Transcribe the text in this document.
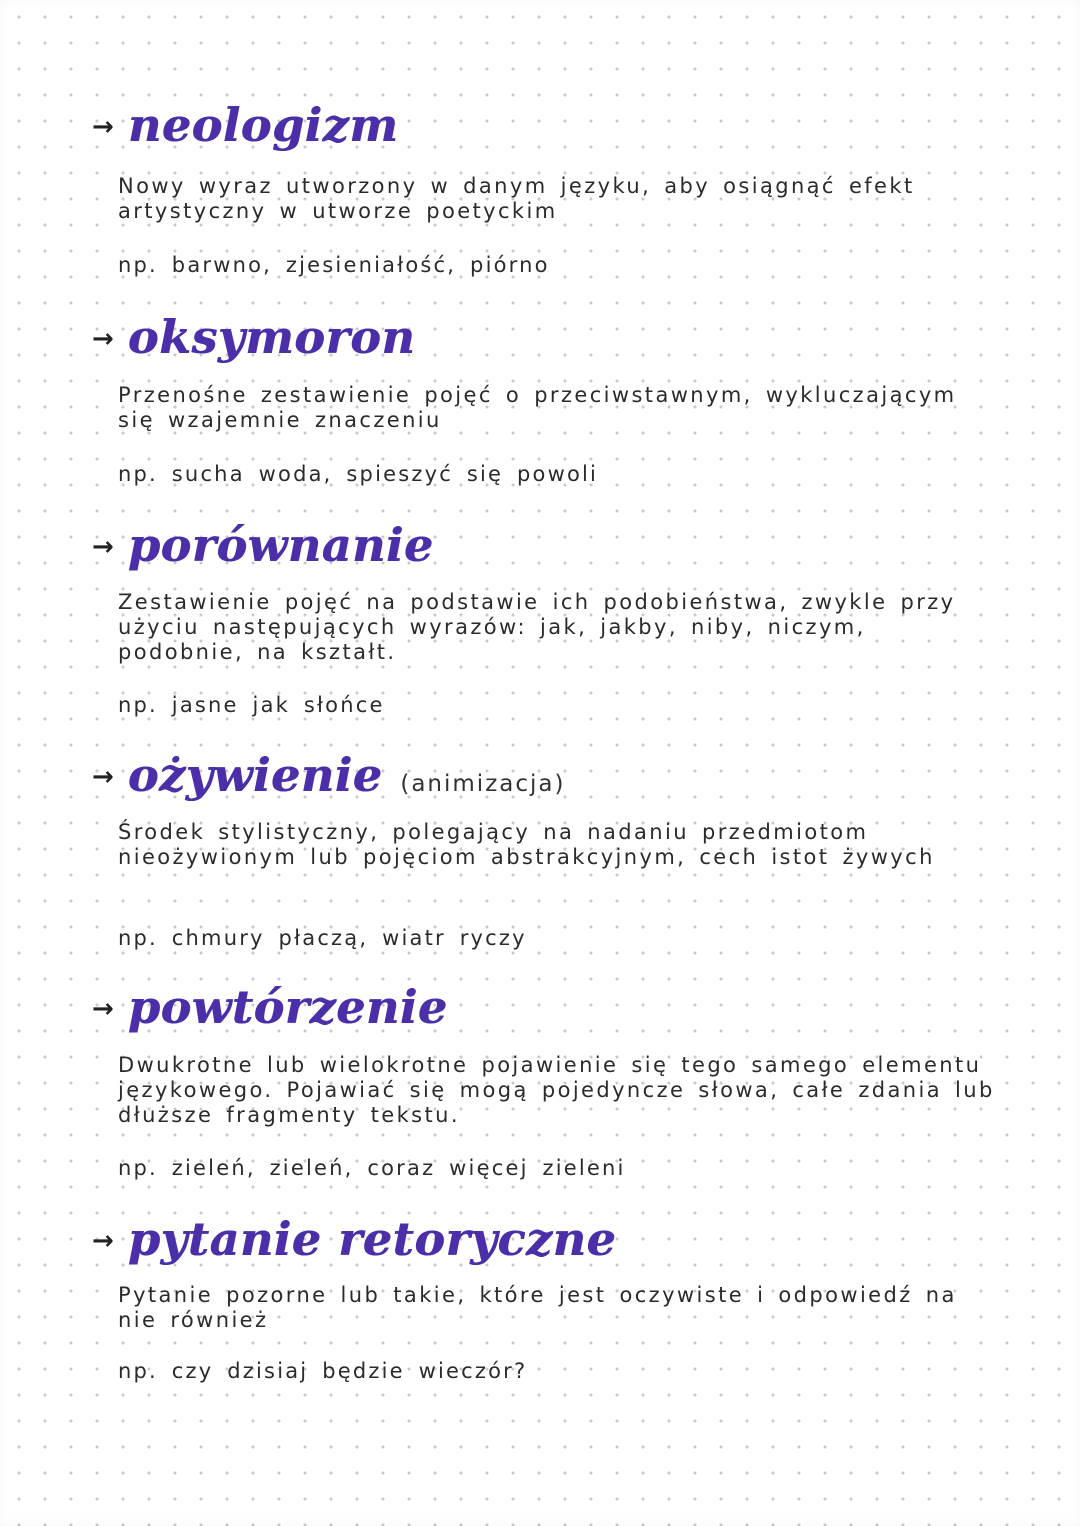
→ neologizm
Nowy wyraz utworzony w danym języku, aby osiągnąć efekt artystyczny w utworze poetyckim
np. barwno, zjesieniałość, piórno
→ oksymoron
Przenośne zestawienie pojęć o przeciwstawnym, wykluczającym się wzajemnie znaczeniu
np. sucha woda, spieszyć się powoli
→ porównanie
Zestawienie pojęć na podstawie ich podobieństwa, zwykle przy użyciu następujących wyrazów: jak, jakby, niby, niczym, podobnie, na kształt.
np. jasne jak słońce
→ ożywienie (animizacja)
Środek stylistyczny, polegający na nadaniu przedmiotom nieożywionym lub pojęciom abstrakcyjnym, cech istot żywych
np. chmury płaczą, wiatr ryczy
→ powtórzenie
Dwukrotne lub wielokrotne pojawienie się tego samego elementu językowego. Pojawiać się mogą pojedyncze słowa, całe zdania lub dłuższe fragmenty tekstu.
np. zieleń, zieleń, coraz więcej zieleni
→ pytanie retoryczne
Pytanie pozorne lub takie, które jest oczywiste i odpowiedź na nie również
np. czy dzisiaj będzie wieczór?
